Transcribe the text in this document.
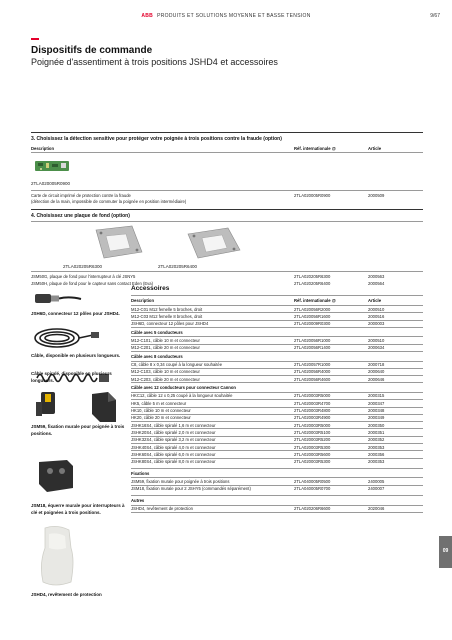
ABB PRODUITS ET SOLUTIONS MOYENNE ET BASSE TENSION	9/67
Dispositifs de commande
Poignée d'assentiment à trois positions JSHD4 et accessoires
3. Choisissez la détection sensitive pour protéger votre poignée à trois positions contre la fraude (option)
Description	Réf. internationale @	Article
2TLA020005R0900
Carte de circuit imprimé de protection contre la fraude
(détection de la main, impossible de commuter la poignée en position intermédiaire)
2TLA020005R0900	2000509
4. Choisissez une plaque de fond (option)
2TLA020205R6300	2TLA020205R6400
JSM50G, plaque de fond pour l'interrupteur à clé JSNY5	2TLA020205R6300	2000563
JSM50H, plaque de fond pour le capteur sans contact Eden (Eva)	2TLA020205R6400	2000564
Accessoires
Description	Réf. internationale @	Article
M12-C01 M12 femelle 5 broches, droit	2TLA020056R2000	2000510
M12-C03 M12 femelle 8 broches, droit	2TLA020056R1600	2000516
JSH6D, connecteur 12 pôles pour JSHD4	2TLA020009R0300	2000003
Câble avec 5 conducteurs
M12-C101, câble 10 m et connecteur	2TLA020056R1000	2000510
M12-C201, câble 20 m et connecteur	2TLA020056R1400	2000634
Câble avec 8 conducteurs
C8, câble 8 x 0,34 coupé à la longueur souhaitée	2TLA020057R1000	2000718
M12-C103, câble 10 m et connecteur	2TLA020056R4000	2000640
M12-C203, câble 20 m et connecteur	2TLA020056R4600	2000646
Câble avec 12 conducteurs pour connecteur Cannon
HKC12, câble 12 x 0,25 coupé à la longueur souhaitée	2TLA020003R5000	2000315
HK5, câble 5 m et connecteur	2TLA020003R4700	2000347
HK10, câble 10 m et connecteur	2TLA020003R4800	2000348
HK20, câble 20 m et connecteur	2TLA020003R4900	2000349
JSHK16S4, câble spiralé 1,6 m et connecteur	2TLA020003R5000	2000350
JSHK20S4, câble spiralé 2,0 m et connecteur	2TLA020003R5100	2000351
JSHK32S4, câble spiralé 3,2 m et connecteur	2TLA020003R5200	2000352
JSHK40S4, câble spiralé 4,0 m et connecteur	2TLA020003R5300	2000353
JSHK60S4, câble spiralé 6,0 m et connecteur	2TLA020003R5600	2000356
JSHK80S4, câble spiralé 8,0 m et connecteur	2TLA020003R5300	2000353
Fixations
JSM59, fixation murale pour poignée à trois positions	2TLA040005R0500	2400005
JSM18, fixation murale pour 2 JSHY5 (commandés séparément)	2TLA040005R0700	2400007
Autres
JSHD4, revêtement de protection	2TLA020206R6600	2020046
JSH6D, connecteur 12 pôles pour JSHD4.
Câble, disponible en plusieurs longueurs.
Câble spiralé, disponible en plusieurs longueurs.
JSM59, fixation murale pour poignée à trois positions.
JSM18, équerre murale pour interrupteurs à clé et poignées à trois positions.
JSHD4, revêtement de protection
09
